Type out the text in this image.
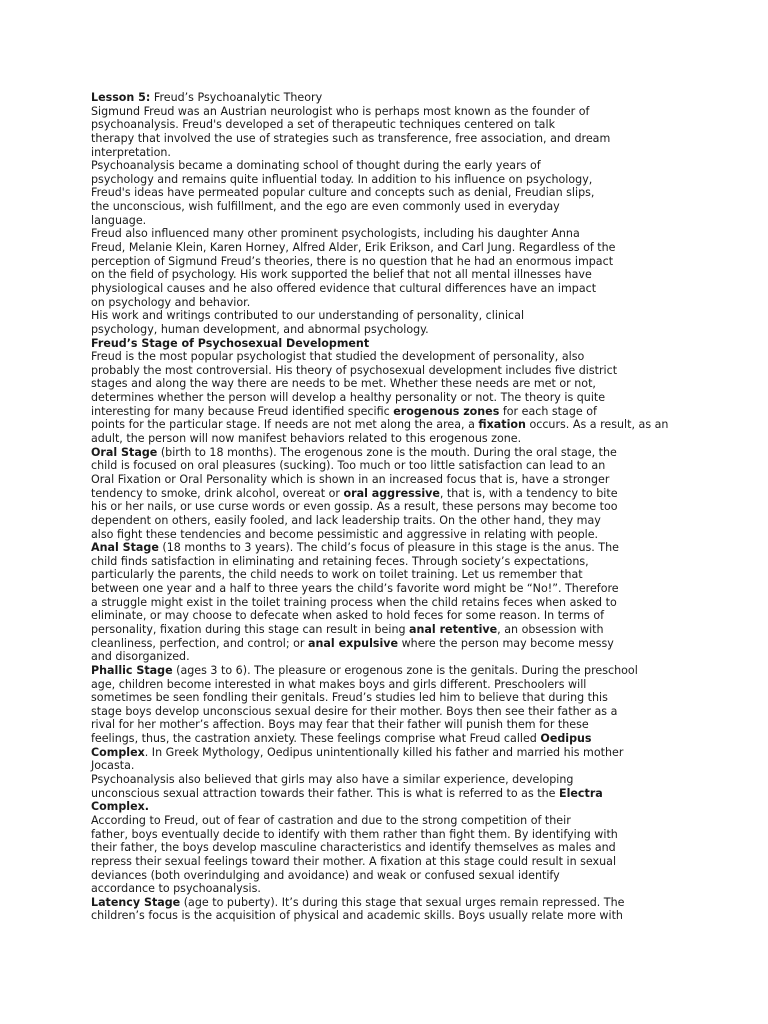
Lesson 5: Freud’s Psychoanalytic Theory
Sigmund Freud was an Austrian neurologist who is perhaps most known as the founder of
psychoanalysis. Freud's developed a set of therapeutic techniques centered on talk
therapy that involved the use of strategies such as transference, free association, and dream
interpretation.
Psychoanalysis became a dominating school of thought during the early years of
psychology and remains quite influential today. In addition to his influence on psychology,
Freud's ideas have permeated popular culture and concepts such as denial, Freudian slips,
the unconscious, wish fulfillment, and the ego are even commonly used in everyday
language.
Freud also influenced many other prominent psychologists, including his daughter Anna
Freud, Melanie Klein, Karen Horney, Alfred Alder, Erik Erikson, and Carl Jung. Regardless of the
perception of Sigmund Freud’s theories, there is no question that he had an enormous impact
on the field of psychology. His work supported the belief that not all mental illnesses have
physiological causes and he also offered evidence that cultural differences have an impact
on psychology and behavior.
His work and writings contributed to our understanding of personality, clinical
psychology, human development, and abnormal psychology.
Freud’s Stage of Psychosexual Development
Freud is the most popular psychologist that studied the development of personality, also
probably the most controversial. His theory of psychosexual development includes five district
stages and along the way there are needs to be met. Whether these needs are met or not,
determines whether the person will develop a healthy personality or not. The theory is quite
interesting for many because Freud identified specific erogenous zones for each stage of
points for the particular stage. If needs are not met along the area, a fixation occurs. As a result, as an
adult, the person will now manifest behaviors related to this erogenous zone.
Oral Stage (birth to 18 months). The erogenous zone is the mouth. During the oral stage, the
child is focused on oral pleasures (sucking). Too much or too little satisfaction can lead to an
Oral Fixation or Oral Personality which is shown in an increased focus that is, have a stronger
tendency to smoke, drink alcohol, overeat or oral aggressive, that is, with a tendency to bite
his or her nails, or use curse words or even gossip. As a result, these persons may become too
dependent on others, easily fooled, and lack leadership traits. On the other hand, they may
also fight these tendencies and become pessimistic and aggressive in relating with people.
Anal Stage (18 months to 3 years). The child’s focus of pleasure in this stage is the anus. The
child finds satisfaction in eliminating and retaining feces. Through society’s expectations,
particularly the parents, the child needs to work on toilet training. Let us remember that
between one year and a half to three years the child’s favorite word might be “No!”. Therefore
a struggle might exist in the toilet training process when the child retains feces when asked to
eliminate, or may choose to defecate when asked to hold feces for some reason. In terms of
personality, fixation during this stage can result in being anal retentive, an obsession with
cleanliness, perfection, and control; or anal expulsive where the person may become messy
and disorganized.
Phallic Stage (ages 3 to 6). The pleasure or erogenous zone is the genitals. During the preschool
age, children become interested in what makes boys and girls different. Preschoolers will
sometimes be seen fondling their genitals. Freud’s studies led him to believe that during this
stage boys develop unconscious sexual desire for their mother. Boys then see their father as a
rival for her mother’s affection. Boys may fear that their father will punish them for these
feelings, thus, the castration anxiety. These feelings comprise what Freud called Oedipus
Complex. In Greek Mythology, Oedipus unintentionally killed his father and married his mother
Jocasta.
Psychoanalysis also believed that girls may also have a similar experience, developing
unconscious sexual attraction towards their father. This is what is referred to as the Electra
Complex.
According to Freud, out of fear of castration and due to the strong competition of their
father, boys eventually decide to identify with them rather than fight them. By identifying with
their father, the boys develop masculine characteristics and identify themselves as males and
repress their sexual feelings toward their mother. A fixation at this stage could result in sexual
deviances (both overindulging and avoidance) and weak or confused sexual identify
accordance to psychoanalysis.
Latency Stage (age to puberty). It’s during this stage that sexual urges remain repressed. The
children’s focus is the acquisition of physical and academic skills. Boys usually relate more with
